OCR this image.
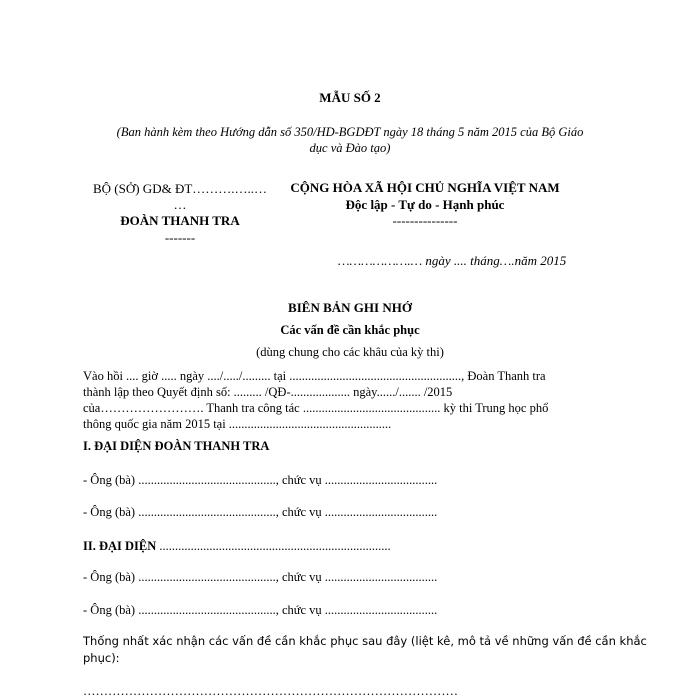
MẪU SỐ 2
(Ban hành kèm theo Hướng dẫn số 350/HD-BGDĐT ngày 18 tháng 5 năm 2015 của Bộ Giáo
dục và Đào tạo)
BỘ (SỞ) GD& ĐT……….…..…
…
ĐOÀN THANH TRA
-------
CỘNG HÒA XÃ HỘI CHỦ NGHĨA VIỆT NAM
Độc lập - Tự do - Hạnh phúc
---------------
……………….… ngày .... tháng….năm 2015
BIÊN BẢN GHI NHỚ
Các vấn đề cần khắc phục
(dùng chung cho các khâu của kỳ thi)
Vào hồi .... giờ ..... ngày ..../...../......... tại ......................................................., Đoàn Thanh tra
thành lập theo Quyết định số: ......... /QĐ-................... ngày....../....... /2015
của……………………. Thanh tra công tác ............................................ kỳ thi Trung học phổ
thông quốc gia năm 2015 tại ....................................................
I. ĐẠI DIỆN ĐOÀN THANH TRA
- Ông (bà) ............................................, chức vụ ....................................
- Ông (bà) ............................................, chức vụ ....................................
II. ĐẠI DIỆN ..........................................................................
- Ông (bà) ............................................, chức vụ ....................................
- Ông (bà) ............................................, chức vụ ....................................
Thống nhất xác nhận các vấn đề cần khắc phục sau đây (liệt kê, mô tả về những vấn đề cần khắc
phục):
………………………………………………………………………………
